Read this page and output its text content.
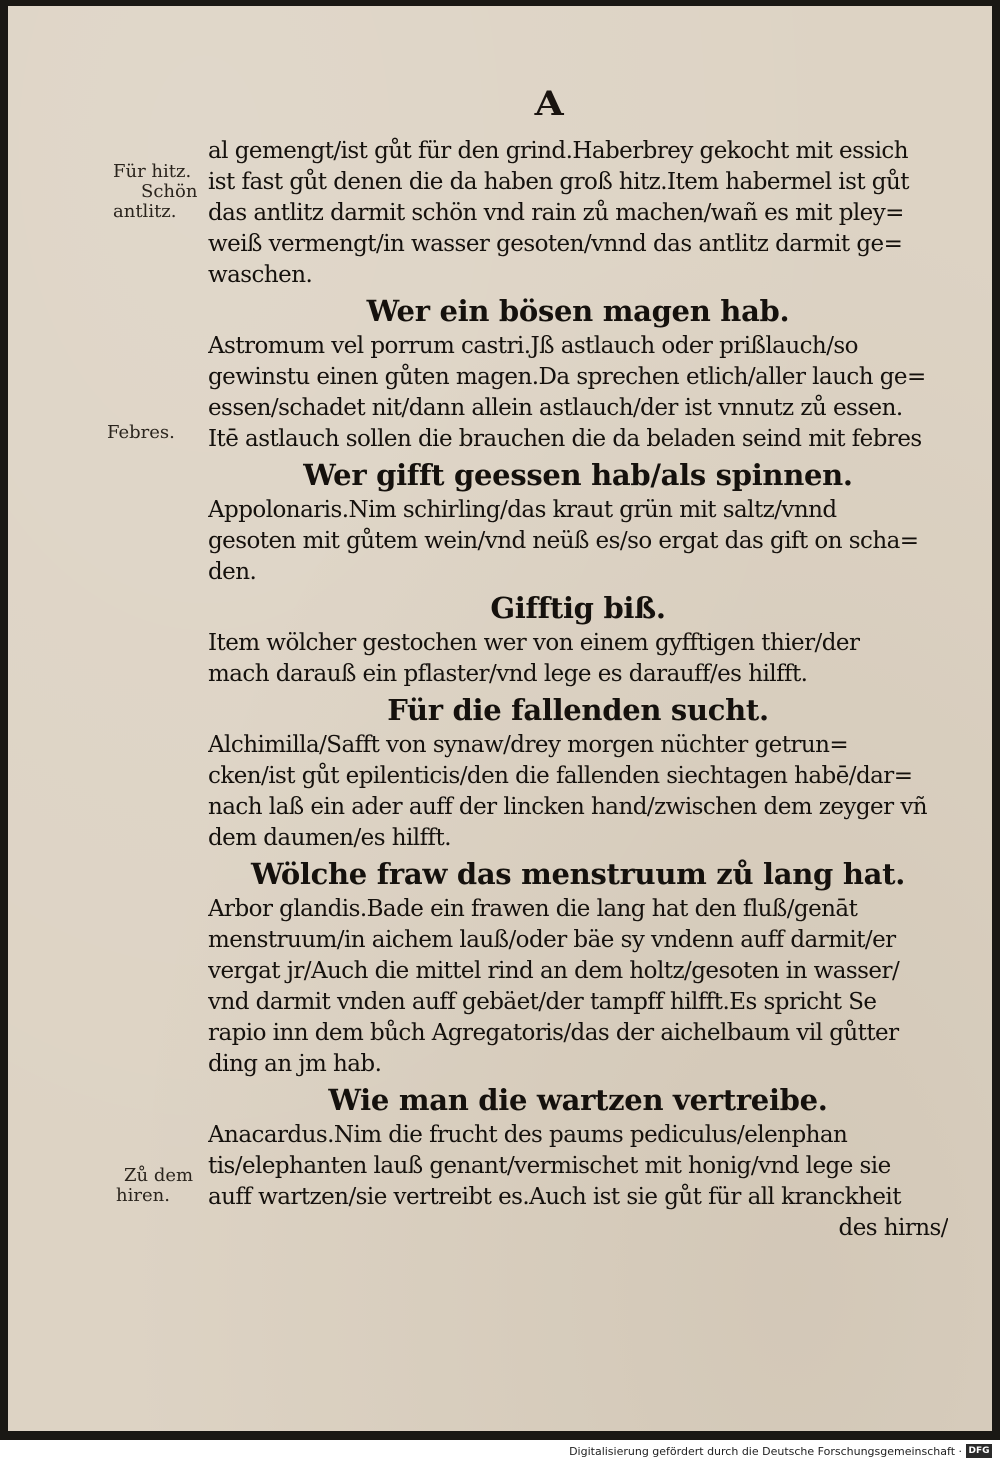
A
Für hitz.
Schön
antlitz.
Febres.
Zů dem
hiren.
al gemengt/ist gůt für den grind.Haberbrey gekocht mit essich
ist fast gůt denen die da haben groß hitz.Item habermel ist gůt
das antlitz darmit schön vnd rain zů machen/wañ es mit pley=
weiß vermengt/in wasser gesoten/vnnd das antlitz darmit ge=
waschen.
Wer ein bösen magen hab.
Astromum vel porrum castri.Jß astlauch oder prißlauch/so
gewinstu einen gůten magen.Da sprechen etlich/aller lauch ge=
essen/schadet nit/dann allein astlauch/der ist vnnutz zů essen.
Itē astlauch sollen die brauchen die da beladen seind mit febres
Wer gifft geessen hab/als spinnen.
Appolonaris.Nim schirling/das kraut grün mit saltz/vnnd
gesoten mit gůtem wein/vnd neüß es/so ergat das gift on scha=
den.
Gifftig biß.
Item wölcher gestochen wer von einem gyfftigen thier/der
mach darauß ein pflaster/vnd lege es darauff/es hilfft.
Für die fallenden sucht.
Alchimilla/Safft von synaw/drey morgen nüchter getrun=
cken/ist gůt epilenticis/den die fallenden siechtagen habē/dar=
nach laß ein ader auff der lincken hand/zwischen dem zeyger vñ
dem daumen/es hilfft.
Wölche fraw das menstruum zů lang hat.
Arbor glandis.Bade ein frawen die lang hat den fluß/genāt
menstruum/in aichem lauß/oder bäe sy vndenn auff darmit/er
vergat jr/Auch die mittel rind an dem holtz/gesoten in wasser/
vnd darmit vnden auff gebäet/der tampff hilfft.Es spricht Se
rapio inn dem bůch Agregatoris/das der aichelbaum vil gůtter
ding an jm hab.
Wie man die wartzen vertreibe.
Anacardus.Nim die frucht des paums pediculus/elenphan
tis/elephanten lauß genant/vermischet mit honig/vnd lege sie
auff wartzen/sie vertreibt es.Auch ist sie gůt für all kranckheit
des hirns/
Digitalisierung gefördert durch die Deutsche Forschungsgemeinschaft · DFG
